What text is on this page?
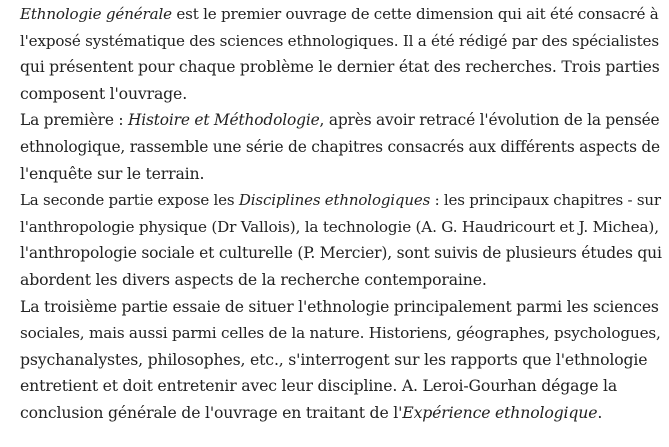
Ethnologie générale est le premier ouvrage de cette dimension qui ait été consacré à
l'exposé systématique des sciences ethnologiques. Il a été rédigé par des spécialistes
qui présentent pour chaque problème le dernier état des recherches. Trois parties
composent l'ouvrage.
La première : Histoire et Méthodologie, après avoir retracé l'évolution de la pensée
ethnologique, rassemble une série de chapitres consacrés aux différents aspects de
l'enquête sur le terrain.
La seconde partie expose les Disciplines ethnologiques : les principaux chapitres - sur
l'anthropologie physique (Dr Vallois), la technologie (A. G. Haudricourt et J. Michea),
l'anthropologie sociale et culturelle (P. Mercier), sont suivis de plusieurs études qui
abordent les divers aspects de la recherche contemporaine.
La troisième partie essaie de situer l'ethnologie principalement parmi les sciences
sociales, mais aussi parmi celles de la nature. Historiens, géographes, psychologues,
psychanalystes, philosophes, etc., s'interrogent sur les rapports que l'ethnologie
entretient et doit entretenir avec leur discipline. A. Leroi-Gourhan dégage la
conclusion générale de l'ouvrage en traitant de l'Expérience ethnologique.
